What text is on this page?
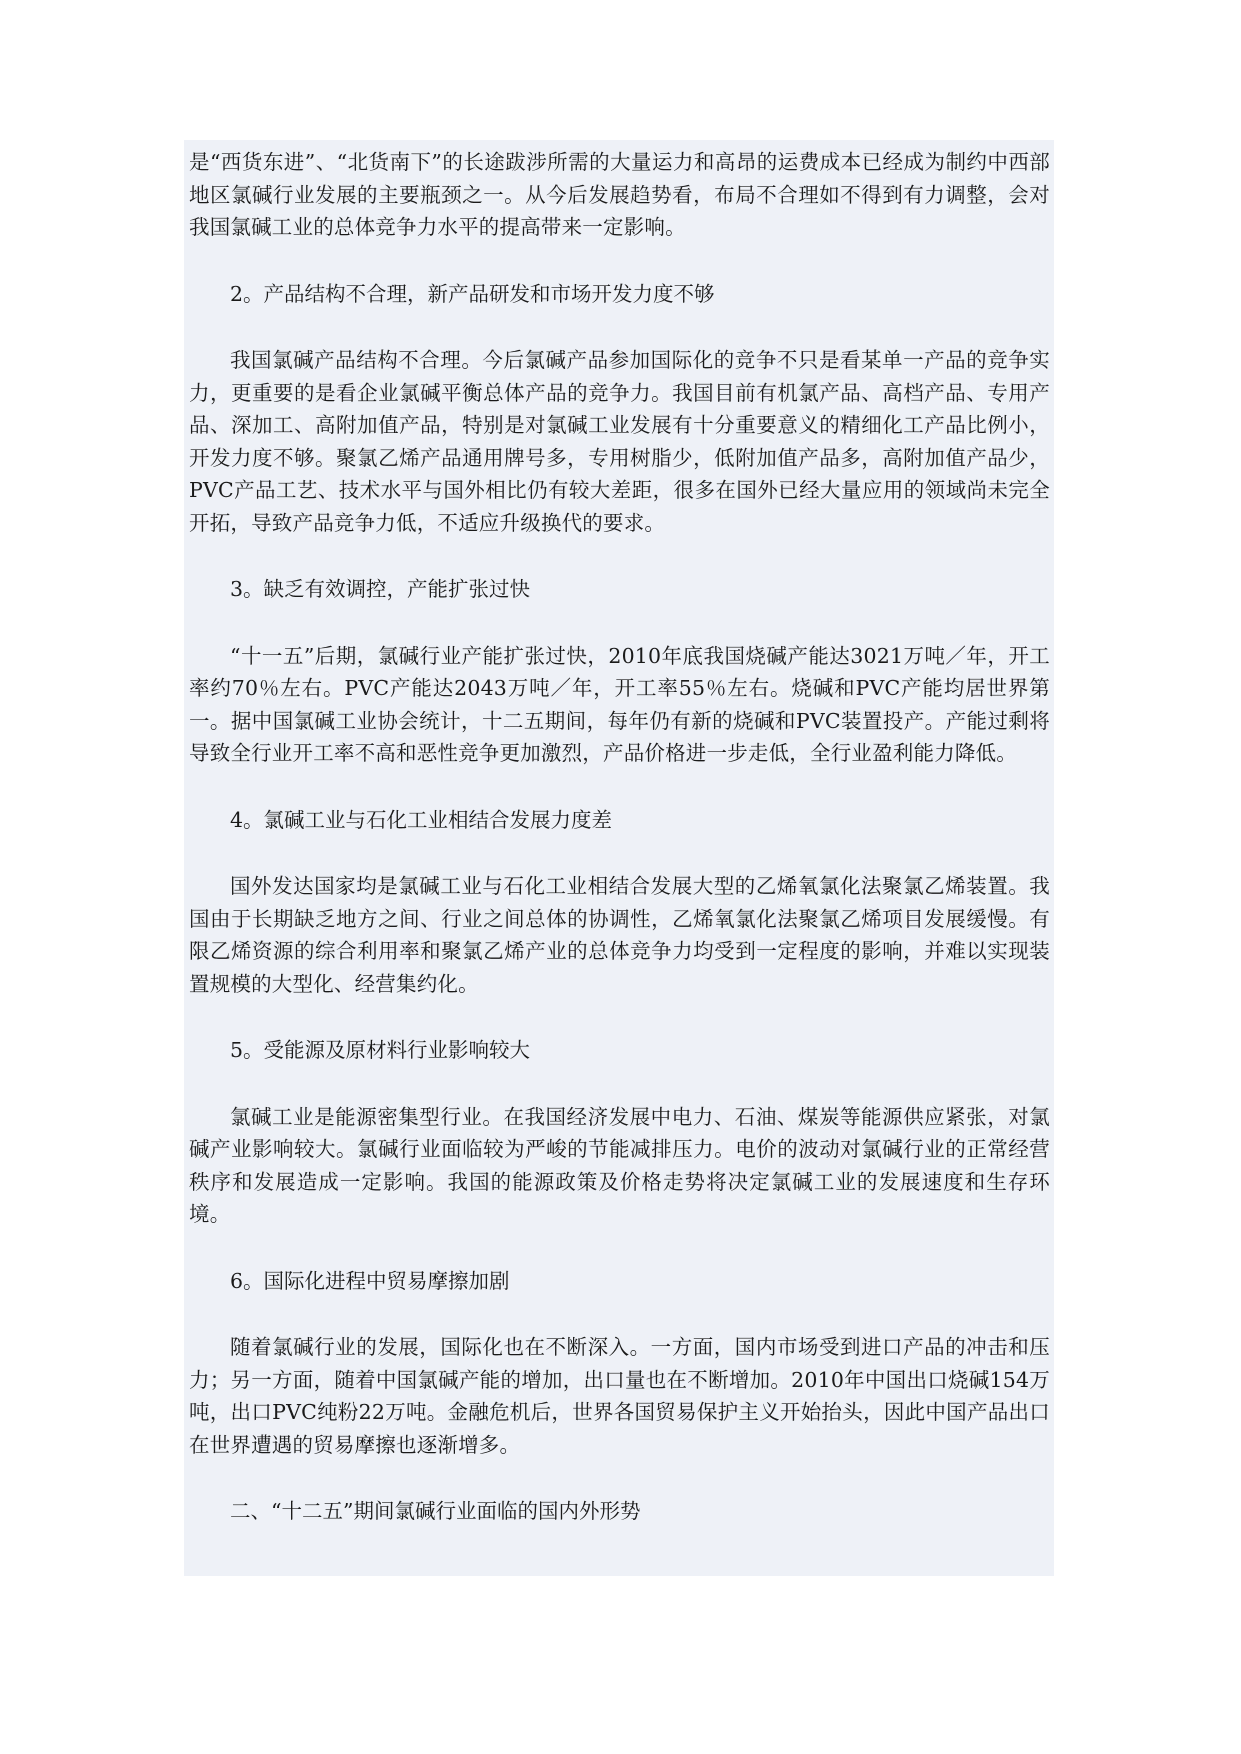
是“西货东进”、“北货南下”的长途跋涉所需的大量运力和高昂的运费成本已经成为制约中西部地区氯碱行业发展的主要瓶颈之一。从今后发展趋势看，布局不合理如不得到有力调整，会对我国氯碱工业的总体竞争力水平的提高带来一定影响。

2。产品结构不合理，新产品研发和市场开发力度不够

我国氯碱产品结构不合理。今后氯碱产品参加国际化的竞争不只是看某单一产品的竞争实力，更重要的是看企业氯碱平衡总体产品的竞争力。我国目前有机氯产品、高档产品、专用产品、深加工、高附加值产品，特别是对氯碱工业发展有十分重要意义的精细化工产品比例小，开发力度不够。聚氯乙烯产品通用牌号多，专用树脂少，低附加值产品多，高附加值产品少，PVC产品工艺、技术水平与国外相比仍有较大差距，很多在国外已经大量应用的领域尚未完全开拓，导致产品竞争力低，不适应升级换代的要求。

3。缺乏有效调控，产能扩张过快

“十一五”后期，氯碱行业产能扩张过快，2010年底我国烧碱产能达3021万吨／年，开工率约70％左右。PVC产能达2043万吨／年，开工率55％左右。烧碱和PVC产能均居世界第一。据中国氯碱工业协会统计，十二五期间，每年仍有新的烧碱和PVC装置投产。产能过剩将导致全行业开工率不高和恶性竞争更加激烈，产品价格进一步走低，全行业盈利能力降低。

4。氯碱工业与石化工业相结合发展力度差

国外发达国家均是氯碱工业与石化工业相结合发展大型的乙烯氧氯化法聚氯乙烯装置。我国由于长期缺乏地方之间、行业之间总体的协调性，乙烯氧氯化法聚氯乙烯项目发展缓慢。有限乙烯资源的综合利用率和聚氯乙烯产业的总体竞争力均受到一定程度的影响，并难以实现装置规模的大型化、经营集约化。

5。受能源及原材料行业影响较大

氯碱工业是能源密集型行业。在我国经济发展中电力、石油、煤炭等能源供应紧张，对氯碱产业影响较大。氯碱行业面临较为严峻的节能减排压力。电价的波动对氯碱行业的正常经营秩序和发展造成一定影响。我国的能源政策及价格走势将决定氯碱工业的发展速度和生存环境。

6。国际化进程中贸易摩擦加剧

随着氯碱行业的发展，国际化也在不断深入。一方面，国内市场受到进口产品的冲击和压力；另一方面，随着中国氯碱产能的增加，出口量也在不断增加。2010年中国出口烧碱154万吨，出口PVC纯粉22万吨。金融危机后，世界各国贸易保护主义开始抬头，因此中国产品出口在世界遭遇的贸易摩擦也逐渐增多。

二、“十二五”期间氯碱行业面临的国内外形势
